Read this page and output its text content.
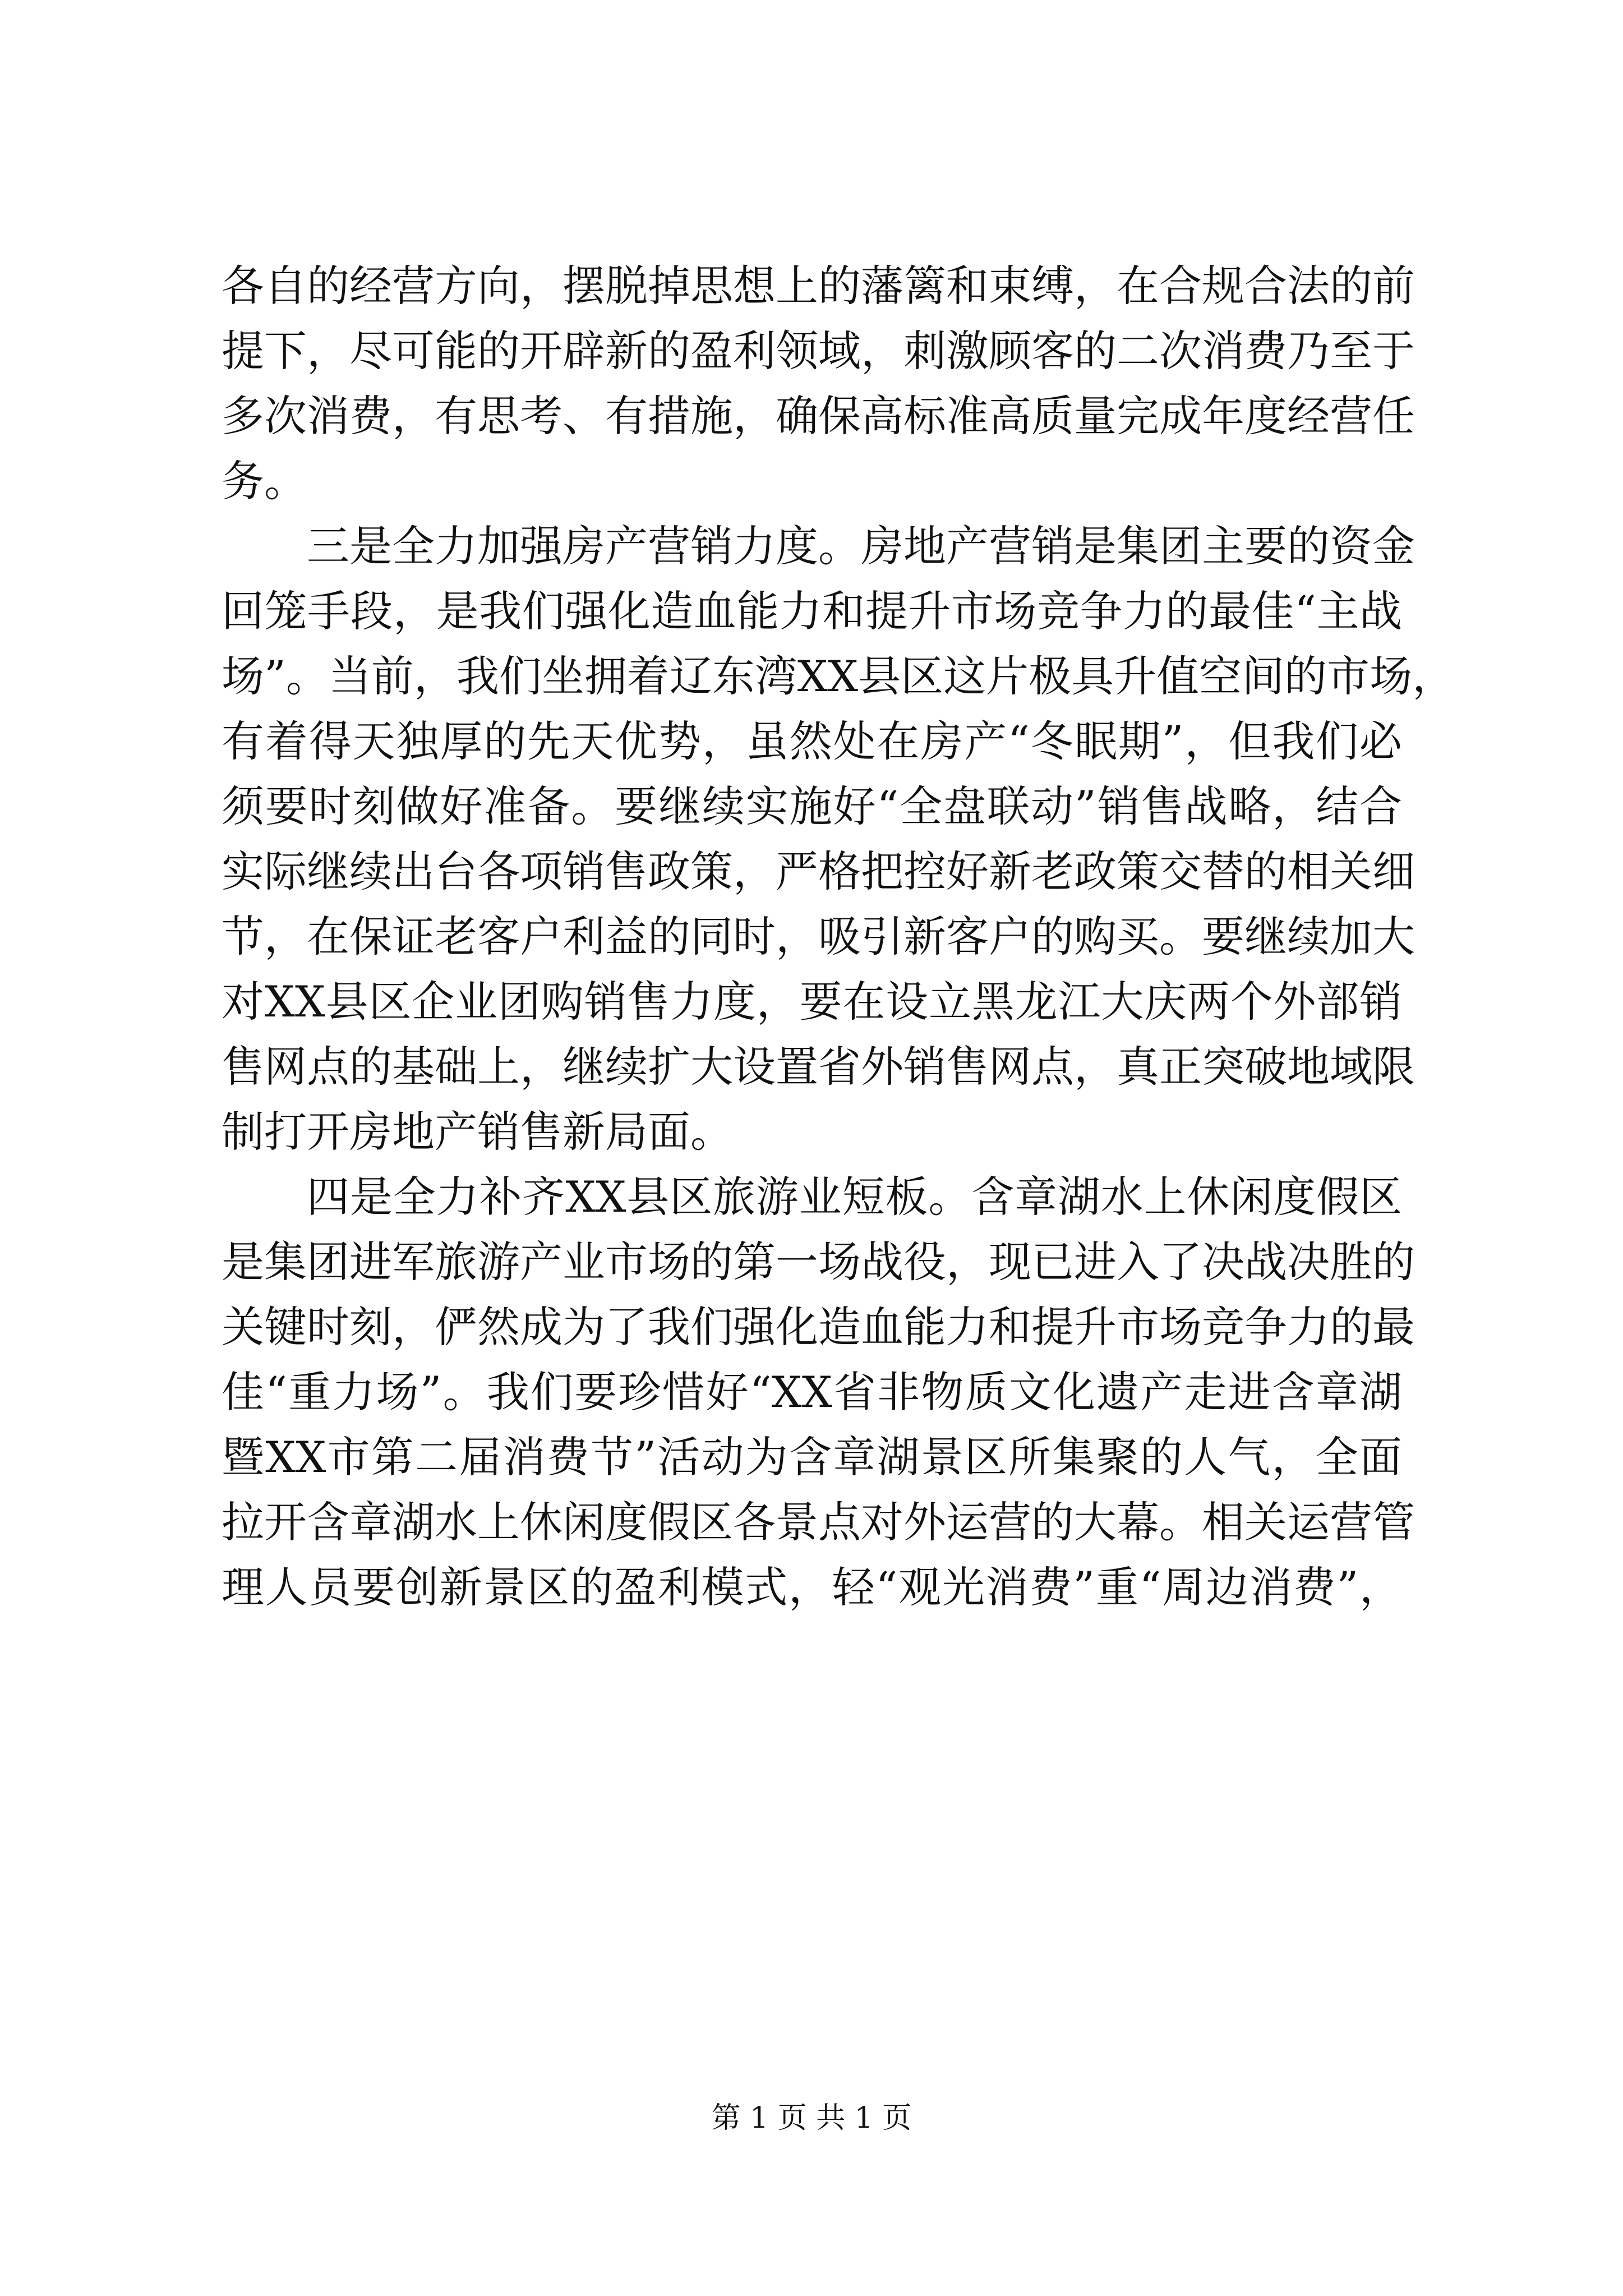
各自的经营方向，摆脱掉思想上的藩篱和束缚，在合规合法的前
提下，尽可能的开辟新的盈利领域，刺激顾客的二次消费乃至于
多次消费，有思考、有措施，确保高标准高质量完成年度经营任
务。
三是全力加强房产营销力度。房地产营销是集团主要的资金
回笼手段，是我们强化造血能力和提升市场竞争力的最佳“主战
场”。当前，我们坐拥着辽东湾XX县区这片极具升值空间的市场，
有着得天独厚的先天优势，虽然处在房产“冬眠期”，但我们必
须要时刻做好准备。要继续实施好“全盘联动”销售战略，结合
实际继续出台各项销售政策，严格把控好新老政策交替的相关细
节，在保证老客户利益的同时，吸引新客户的购买。要继续加大
对XX县区企业团购销售力度，要在设立黑龙江大庆两个外部销
售网点的基础上，继续扩大设置省外销售网点，真正突破地域限
制打开房地产销售新局面。
四是全力补齐XX县区旅游业短板。含章湖水上休闲度假区
是集团进军旅游产业市场的第一场战役，现已进入了决战决胜的
关键时刻，俨然成为了我们强化造血能力和提升市场竞争力的最
佳“重力场”。我们要珍惜好“XX省非物质文化遗产走进含章湖
暨XX市第二届消费节”活动为含章湖景区所集聚的人气，全面
拉开含章湖水上休闲度假区各景点对外运营的大幕。相关运营管
理人员要创新景区的盈利模式，轻“观光消费”重“周边消费”，
第 1 页 共 1 页
